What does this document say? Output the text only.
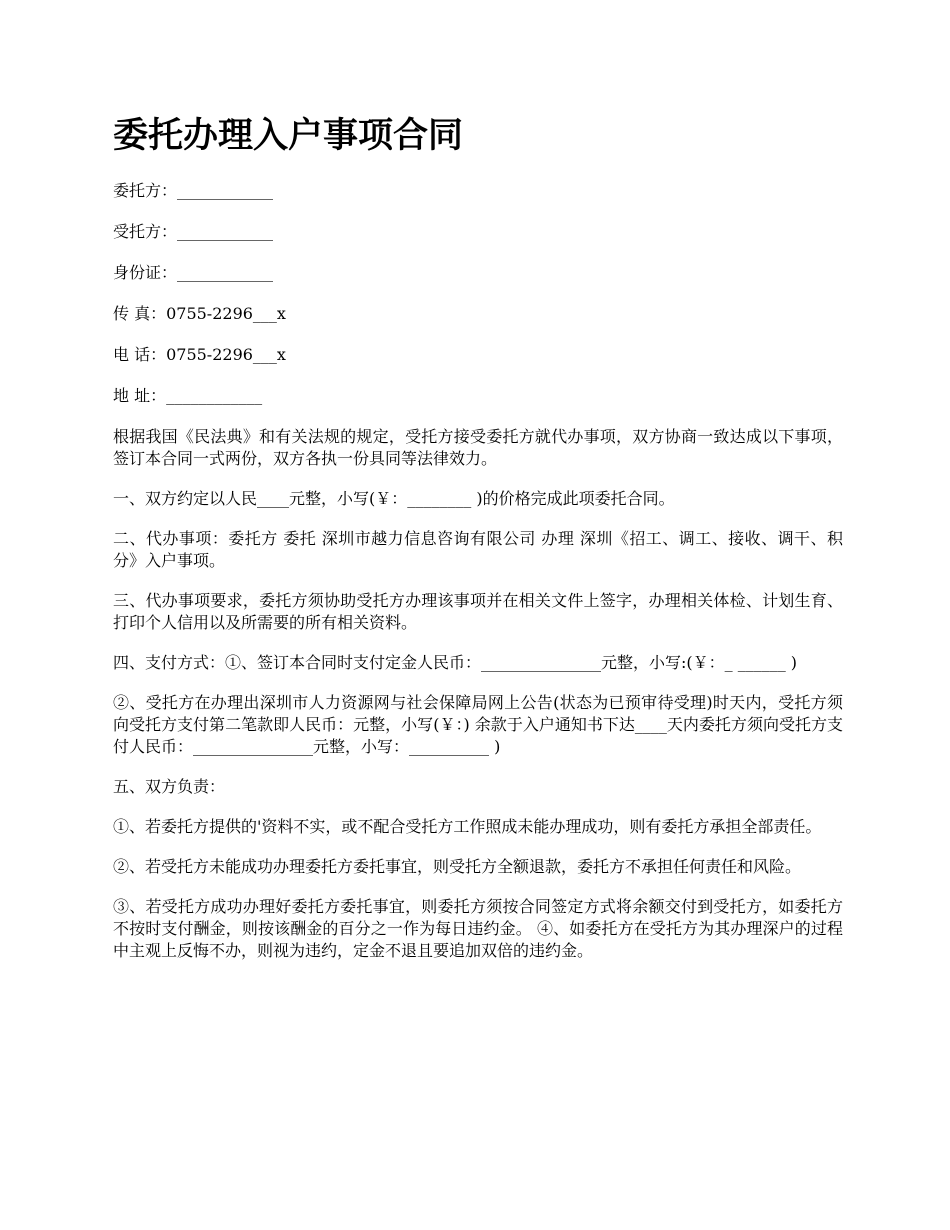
委托办理入户事项合同
委托方：____________
受托方：____________
身份证：____________
传 真：0755-2296___x
电 话：0755-2296___x
地 址：____________

根据我国《民法典》和有关法规的规定，受托方接受委托方就代办事项，双方协商一致达成以下事项，签订本合同一式两份，双方各执一份具同等法律效力。

一、双方约定以人民____元整，小写(￥：________ )的价格完成此项委托合同。

二、代办事项：委托方 委托 深圳市越力信息咨询有限公司 办理 深圳《招工、调工、接收、调干、积分》入户事项。

三、代办事项要求，委托方须协助受托方办理该事项并在相关文件上签字，办理相关体检、计划生育、打印个人信用以及所需要的所有相关资料。

四、支付方式：①、签订本合同时支付定金人民币：_______________元整，小写:(￥：_ ______ )

②、受托方在办理出深圳市人力资源网与社会保障局网上公告(状态为已预审待受理)时天内，受托方须向受托方支付第二笔款即人民币：元整，小写(￥：) 余款于入户通知书下达____天内委托方须向受托方支付人民币：_______________元整，小写：__________ )

五、双方负责：

①、若委托方提供的'资料不实，或不配合受托方工作照成未能办理成功，则有委托方承担全部责任。

②、若受托方未能成功办理委托方委托事宜，则受托方全额退款，委托方不承担任何责任和风险。

③、若受托方成功办理好委托方委托事宜，则委托方须按合同签定方式将余额交付到受托方，如委托方不按时支付酬金，则按该酬金的百分之一作为每日违约金。 ④、如委托方在受托方为其办理深户的过程中主观上反悔不办，则视为违约，定金不退且要追加双倍的违约金。
